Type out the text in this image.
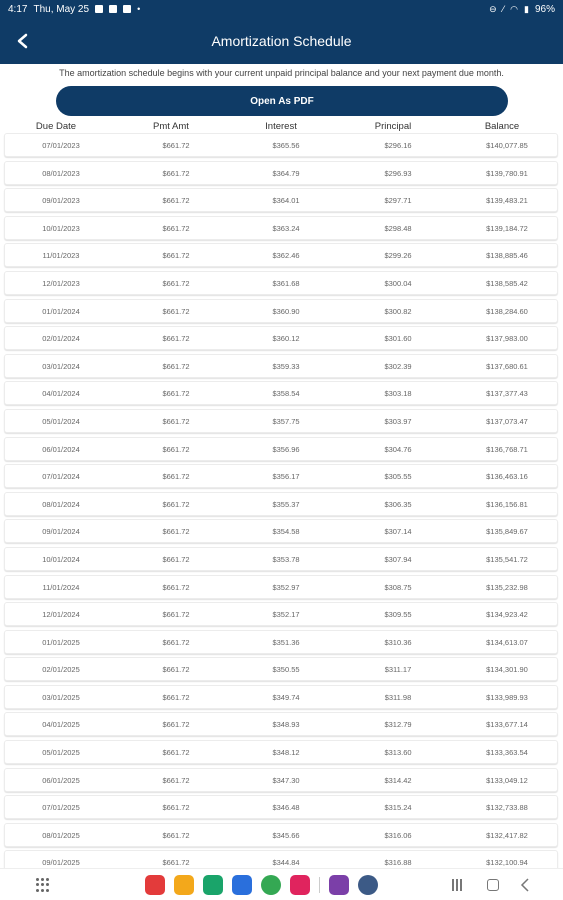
4:17 Thu, May 25	•	⊖ ⁄ ◠ ▮ 96%
Amortization Schedule
The amortization schedule begins with your current unpaid principal balance and your next payment due month.
Open As PDF
Due Date	Pmt Amt	Interest	Principal	Balance
07/01/2023	$661.72	$365.56	$296.16	$140,077.85
08/01/2023	$661.72	$364.79	$296.93	$139,780.91
09/01/2023	$661.72	$364.01	$297.71	$139,483.21
10/01/2023	$661.72	$363.24	$298.48	$139,184.72
11/01/2023	$661.72	$362.46	$299.26	$138,885.46
12/01/2023	$661.72	$361.68	$300.04	$138,585.42
01/01/2024	$661.72	$360.90	$300.82	$138,284.60
02/01/2024	$661.72	$360.12	$301.60	$137,983.00
03/01/2024	$661.72	$359.33	$302.39	$137,680.61
04/01/2024	$661.72	$358.54	$303.18	$137,377.43
05/01/2024	$661.72	$357.75	$303.97	$137,073.47
06/01/2024	$661.72	$356.96	$304.76	$136,768.71
07/01/2024	$661.72	$356.17	$305.55	$136,463.16
08/01/2024	$661.72	$355.37	$306.35	$136,156.81
09/01/2024	$661.72	$354.58	$307.14	$135,849.67
10/01/2024	$661.72	$353.78	$307.94	$135,541.72
11/01/2024	$661.72	$352.97	$308.75	$135,232.98
12/01/2024	$661.72	$352.17	$309.55	$134,923.42
01/01/2025	$661.72	$351.36	$310.36	$134,613.07
02/01/2025	$661.72	$350.55	$311.17	$134,301.90
03/01/2025	$661.72	$349.74	$311.98	$133,989.93
04/01/2025	$661.72	$348.93	$312.79	$133,677.14
05/01/2025	$661.72	$348.12	$313.60	$133,363.54
06/01/2025	$661.72	$347.30	$314.42	$133,049.12
07/01/2025	$661.72	$346.48	$315.24	$132,733.88
08/01/2025	$661.72	$345.66	$316.06	$132,417.82
09/01/2025	$661.72	$344.84	$316.88	$132,100.94
